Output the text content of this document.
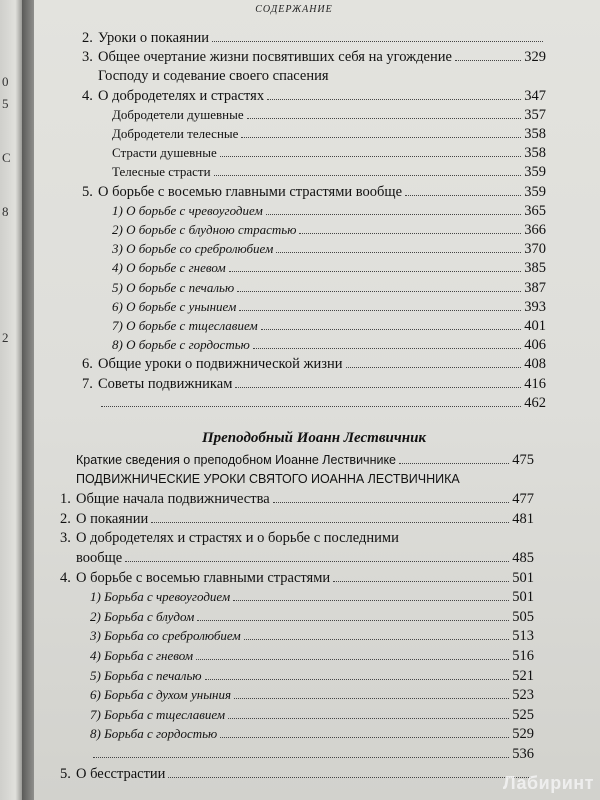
0
5
С
8
2
СОДЕРЖАНИЕ
2. Уроки о покаянии
3. Общее очертание жизни посвятивших себя на угождение	329
Господу и содевание своего спасения
4. О добродетелях и страстях	347
Добродетели душевные	357
Добродетели телесные	358
Страсти душевные	358
Телесные страсти	359
5. О борьбе с восемью главными страстями вообще	359
1) О борьбе с чревоугодием	365
2) О борьбе с блудною страстью	366
3) О борьбе со сребролюбием	370
4) О борьбе с гневом	385
5) О борьбе с печалью	387
6) О борьбе с унынием	393
7) О борьбе с тщеславием	401
8) О борьбе с гордостью	406
6. Общие уроки о подвижнической жизни	408
7. Советы подвижникам	416
462
Преподобный Иоанн Лествичник
Краткие сведения о преподобном Иоанне Лествичнике	475
ПОДВИЖНИЧЕСКИЕ УРОКИ СВЯТОГО ИОАННА ЛЕСТВИЧНИКА
1. Общие начала подвижничества	477
2. О покаянии	481
3. О добродетелях и страстях и о борьбе с последними
вообще	485
4. О борьбе с восемью главными страстями	501
1) Борьба с чревоугодием	501
2) Борьба с блудом	505
3) Борьба со сребролюбием	513
4) Борьба с гневом	516
5) Борьба с печалью	521
6) Борьба с духом уныния	523
7) Борьба с тщеславием	525
8) Борьба с гордостью	529
536
5. О бесстрастии	Лабиринт
